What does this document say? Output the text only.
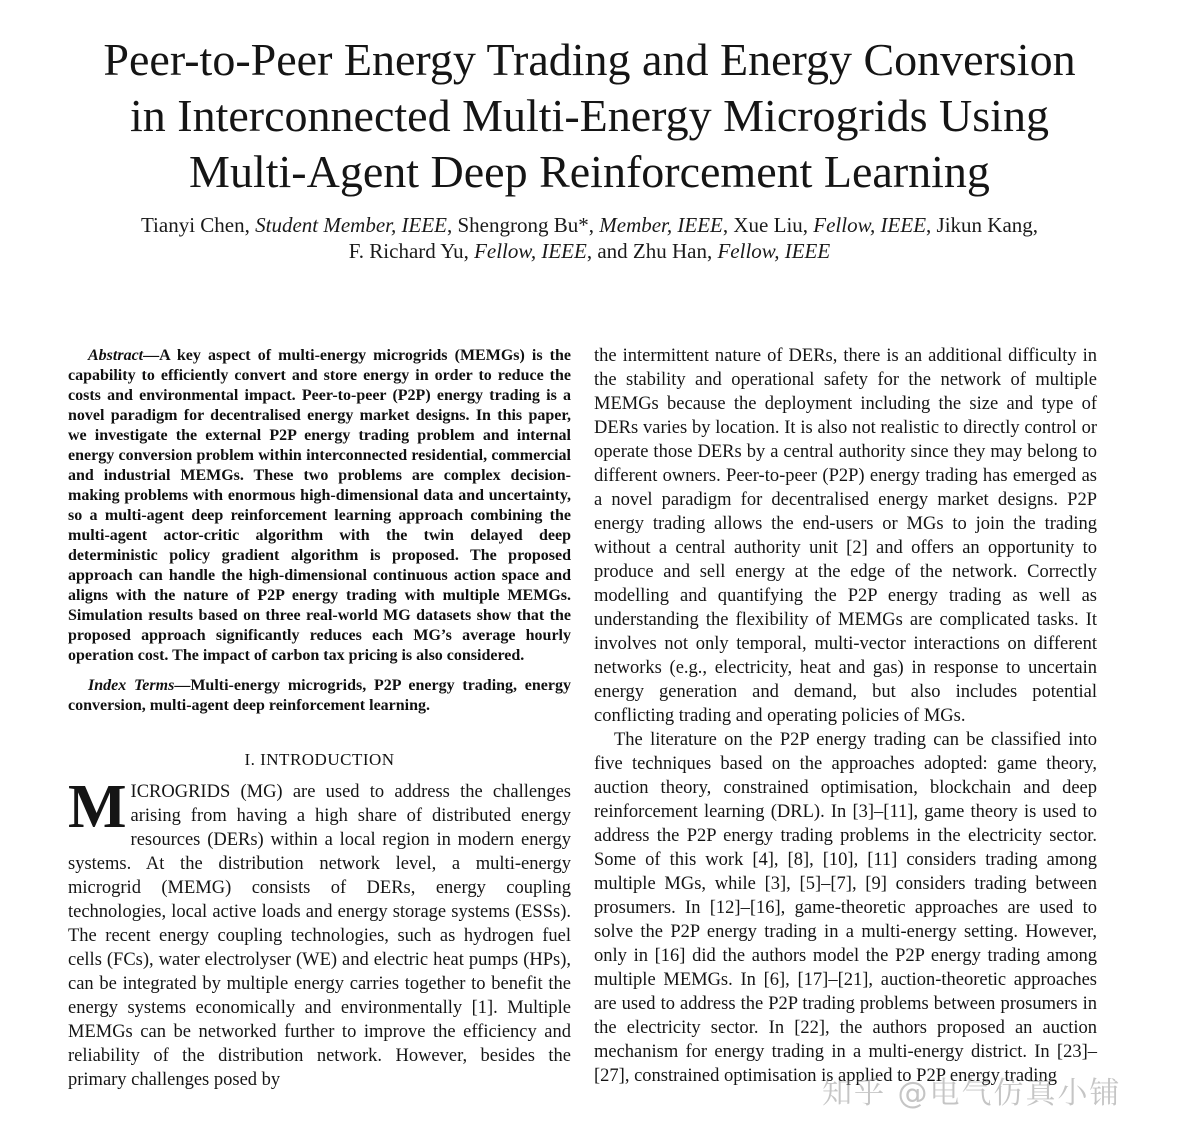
Peer-to-Peer Energy Trading and Energy Conversion
in Interconnected Multi-Energy Microgrids Using
Multi-Agent Deep Reinforcement Learning
Tianyi Chen, Student Member, IEEE, Shengrong Bu*, Member, IEEE, Xue Liu, Fellow, IEEE, Jikun Kang,
F. Richard Yu, Fellow, IEEE, and Zhu Han, Fellow, IEEE

Abstract—A key aspect of multi-energy microgrids (MEMGs) is the capability to efficiently convert and store energy in order to reduce the costs and environmental impact. Peer-to-peer (P2P) energy trading is a novel paradigm for decentralised energy market designs. In this paper, we investigate the external P2P energy trading problem and internal energy conversion problem within interconnected residential, commercial and industrial MEMGs. These two problems are complex decision-making problems with enormous high-dimensional data and uncertainty, so a multi-agent deep reinforcement learning approach combining the multi-agent actor-critic algorithm with the twin delayed deep deterministic policy gradient algorithm is proposed. The proposed approach can handle the high-dimensional continuous action space and aligns with the nature of P2P energy trading with multiple MEMGs. Simulation results based on three real-world MG datasets show that the proposed approach significantly reduces each MG’s average hourly operation cost. The impact of carbon tax pricing is also considered.

Index Terms—Multi-energy microgrids, P2P energy trading, energy conversion, multi-agent deep reinforcement learning.

I. INTRODUCTION

MICROGRIDS (MG) are used to address the challenges arising from having a high share of distributed energy resources (DERs) within a local region in modern energy systems. At the distribution network level, a multi-energy microgrid (MEMG) consists of DERs, energy coupling technologies, local active loads and energy storage systems (ESSs). The recent energy coupling technologies, such as hydrogen fuel cells (FCs), water electrolyser (WE) and electric heat pumps (HPs), can be integrated by multiple energy carries together to benefit the energy systems economically and environmentally [1]. Multiple MEMGs can be networked further to improve the efficiency and reliability of the distribution network. However, besides the primary challenges posed by

the intermittent nature of DERs, there is an additional difficulty in the stability and operational safety for the network of multiple MEMGs because the deployment including the size and type of DERs varies by location. It is also not realistic to directly control or operate those DERs by a central authority since they may belong to different owners. Peer-to-peer (P2P) energy trading has emerged as a novel paradigm for decentralised energy market designs. P2P energy trading allows the end-users or MGs to join the trading without a central authority unit [2] and offers an opportunity to produce and sell energy at the edge of the network. Correctly modelling and quantifying the P2P energy trading as well as understanding the flexibility of MEMGs are complicated tasks. It involves not only temporal, multi-vector interactions on different networks (e.g., electricity, heat and gas) in response to uncertain energy generation and demand, but also includes potential conflicting trading and operating policies of MGs.

The literature on the P2P energy trading can be classified into five techniques based on the approaches adopted: game theory, auction theory, constrained optimisation, blockchain and deep reinforcement learning (DRL). In [3]–[11], game theory is used to address the P2P energy trading problems in the electricity sector. Some of this work [4], [8], [10], [11] considers trading among multiple MGs, while [3], [5]–[7], [9] considers trading between prosumers. In [12]–[16], game-theoretic approaches are used to solve the P2P energy trading in a multi-energy setting. However, only in [16] did the authors model the P2P energy trading among multiple MEMGs. In [6], [17]–[21], auction-theoretic approaches are used to address the P2P trading problems between prosumers in the electricity sector. In [22], the authors proposed an auction mechanism for energy trading in a multi-energy district. In [23]–[27], constrained optimisation is applied to P2P energy trading

知乎 @电气仿真小铺
